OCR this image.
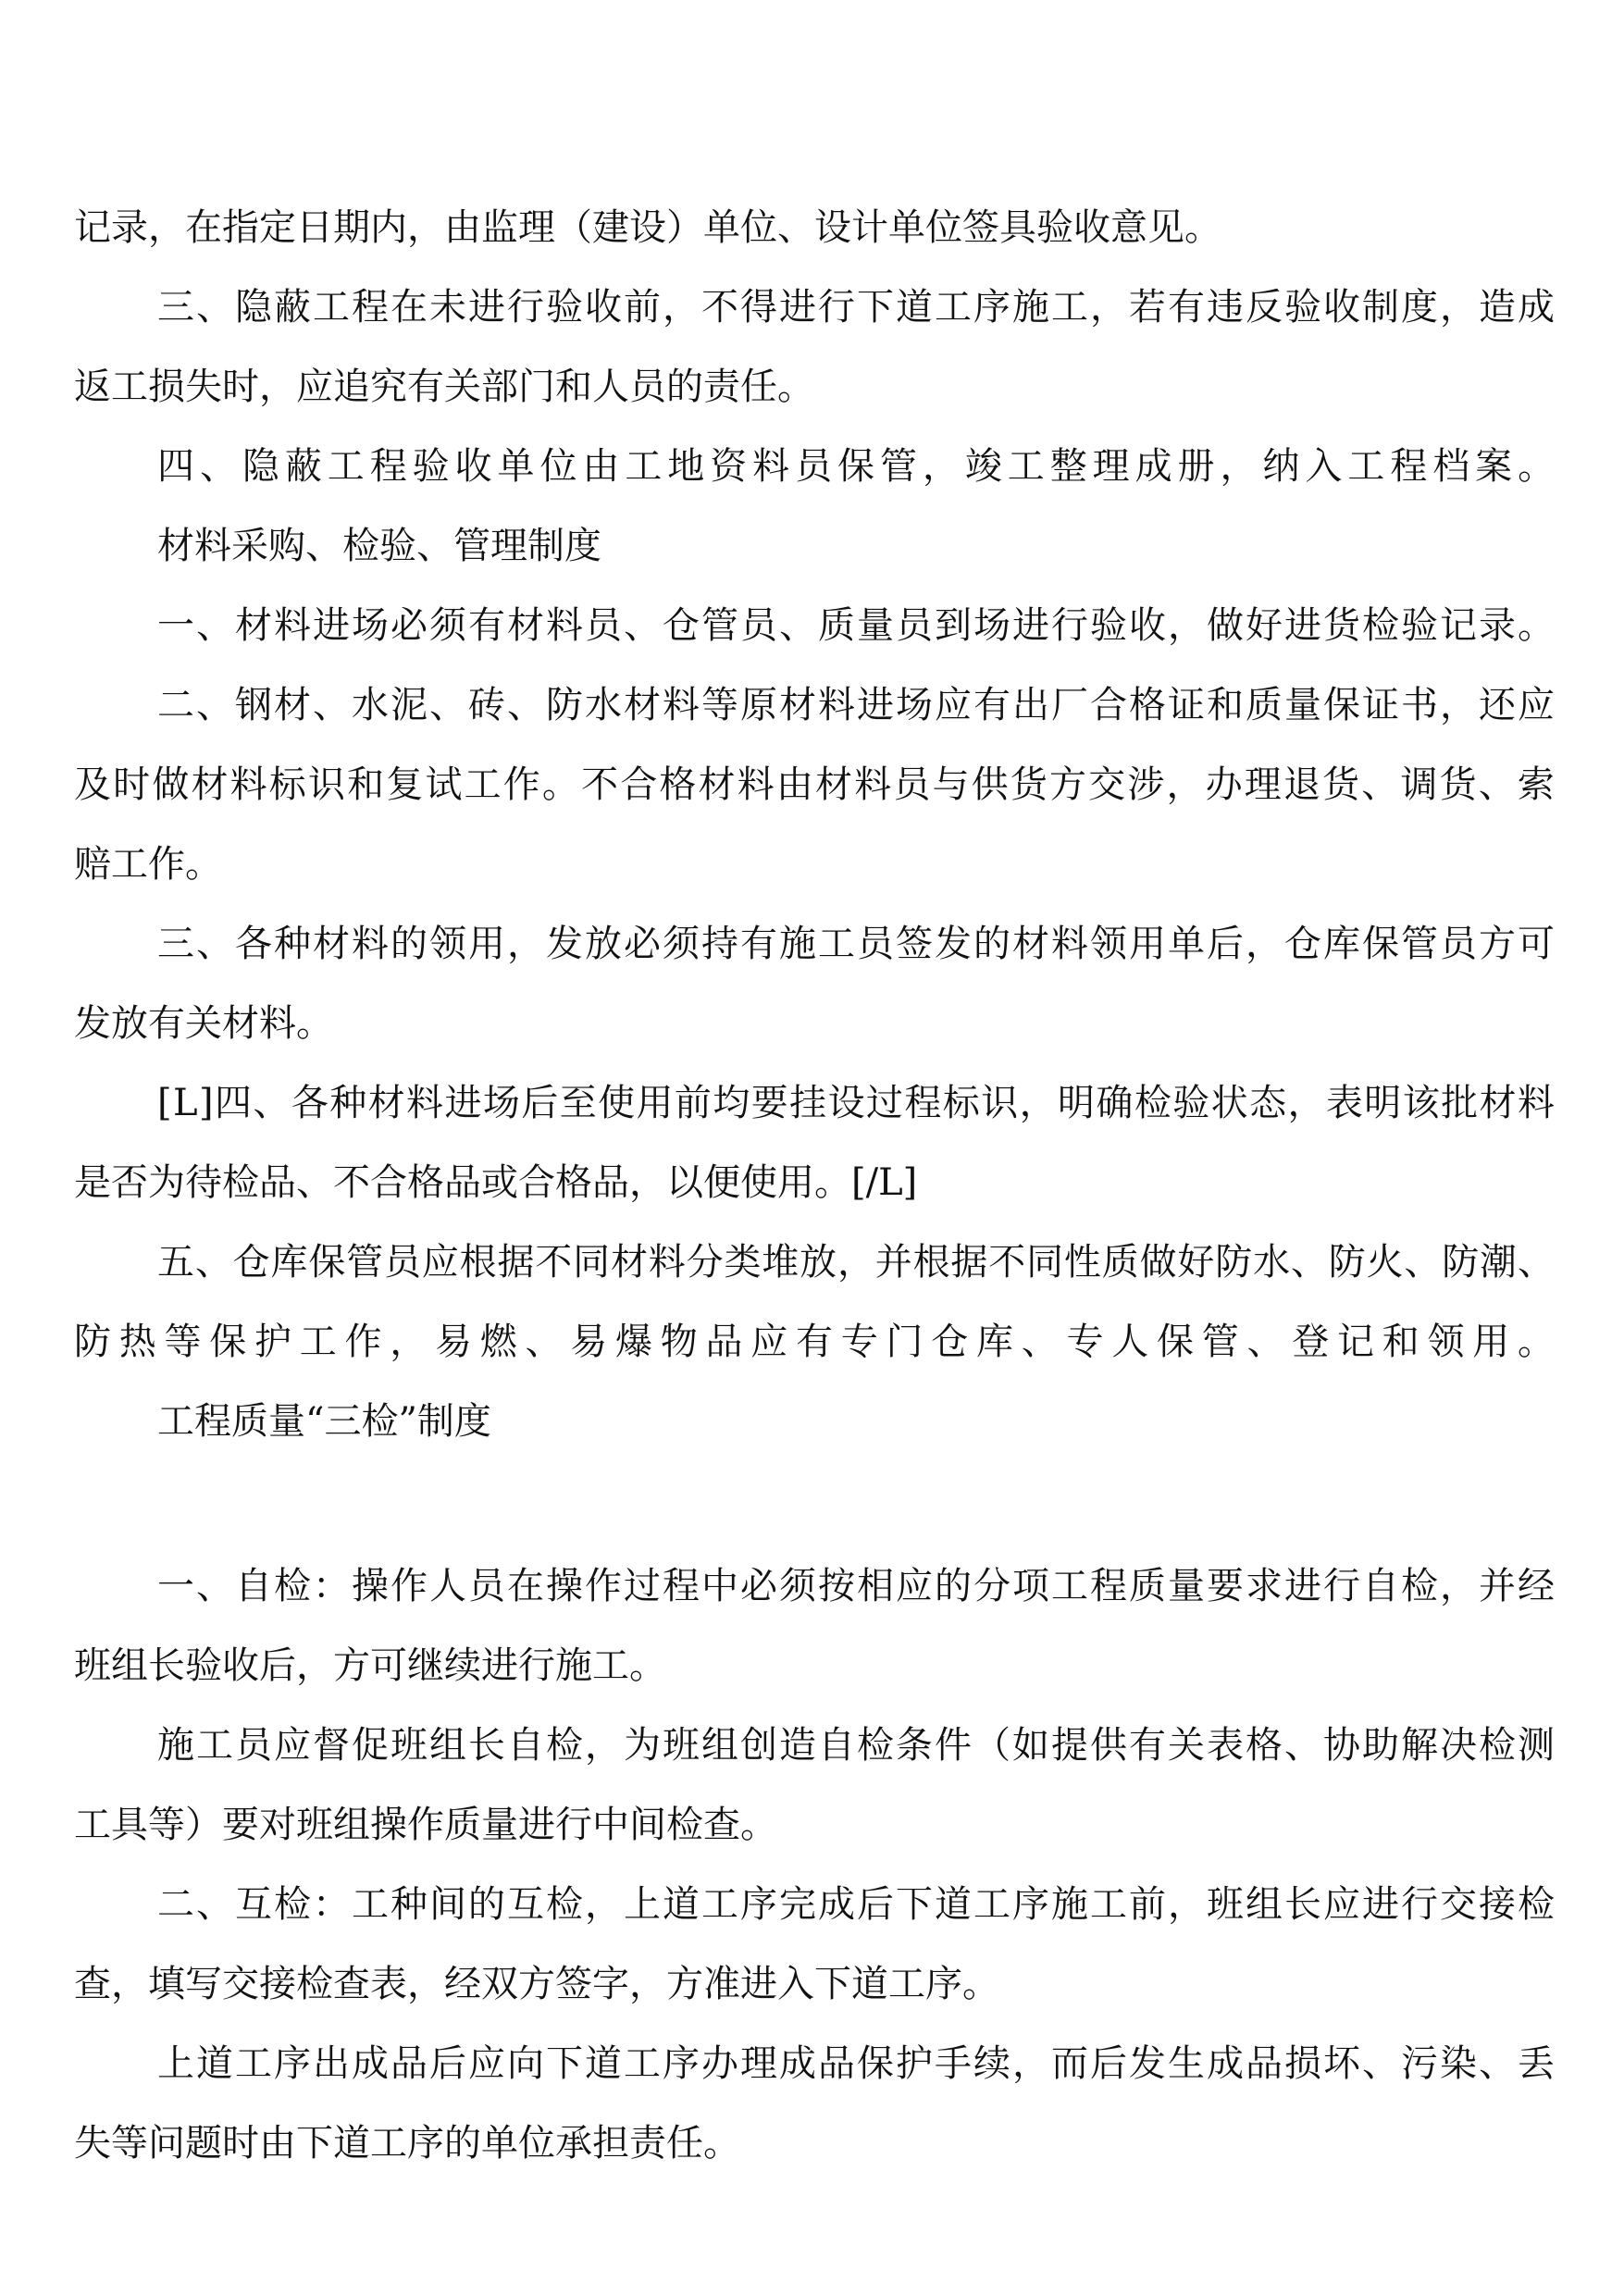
记录，在指定日期内，由监理（建设）单位、设计单位签具验收意见。
三、隐蔽工程在未进行验收前，不得进行下道工序施工，若有违反验收制度，造成
返工损失时，应追究有关部门和人员的责任。
四、隐蔽工程验收单位由工地资料员保管，竣工整理成册，纳入工程档案。
材料采购、检验、管理制度
一、材料进场必须有材料员、仓管员、质量员到场进行验收，做好进货检验记录。
二、钢材、水泥、砖、防水材料等原材料进场应有出厂合格证和质量保证书，还应
及时做材料标识和复试工作。不合格材料由材料员与供货方交涉，办理退货、调货、索
赔工作。
三、各种材料的领用，发放必须持有施工员签发的材料领用单后，仓库保管员方可
发放有关材料。
[L]四、各种材料进场后至使用前均要挂设过程标识，明确检验状态，表明该批材料
是否为待检品、不合格品或合格品，以便使用。[/L]
五、仓库保管员应根据不同材料分类堆放，并根据不同性质做好防水、防火、防潮、
防热等保护工作，易燃、易爆物品应有专门仓库、专人保管、登记和领用。
工程质量“三检”制度
一、自检：操作人员在操作过程中必须按相应的分项工程质量要求进行自检，并经
班组长验收后，方可继续进行施工。
施工员应督促班组长自检，为班组创造自检条件（如提供有关表格、协助解决检测
工具等）要对班组操作质量进行中间检查。
二、互检：工种间的互检，上道工序完成后下道工序施工前，班组长应进行交接检
查，填写交接检查表，经双方签字，方准进入下道工序。
上道工序出成品后应向下道工序办理成品保护手续，而后发生成品损坏、污染、丢
失等问题时由下道工序的单位承担责任。
